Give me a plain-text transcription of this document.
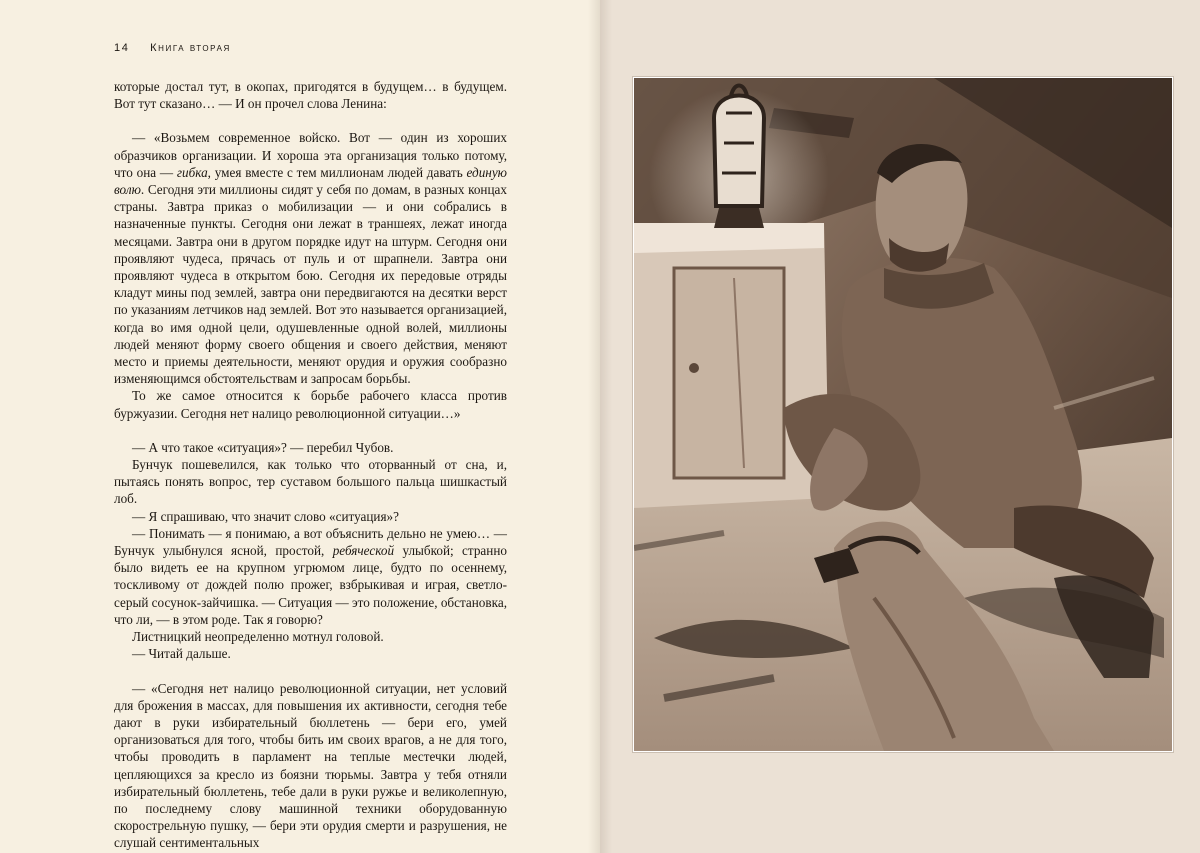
14 Книга вторая

которые достал тут, в окопах, пригодятся в будущем… в будущем. Вот тут сказано… — И он прочел слова Ленина:

— «Возьмем современное войско. Вот — один из хороших образчиков организации. И хороша эта организация только потому, что она — гибка, умея вместе с тем миллионам людей давать единую волю. Сегодня эти миллионы сидят у себя по домам, в разных концах страны. Завтра приказ о мобилизации — и они собрались в назначенные пункты. Сегодня они лежат в траншеях, лежат иногда месяцами. Завтра они в другом порядке идут на штурм. Сегодня они проявляют чудеса, прячась от пуль и от шрапнели. Завтра они проявляют чудеса в открытом бою. Сегодня их передовые отряды кладут мины под землей, завтра они передвигаются на десятки верст по указаниям летчиков над землей. Вот это называется организацией, когда во имя одной цели, одушевленные одной волей, миллионы людей меняют форму своего общения и своего действия, меняют место и приемы деятельности, меняют орудия и оружия сообразно изменяющимся обстоятельствам и запросам борьбы.

То же самое относится к борьбе рабочего класса против буржуазии. Сегодня нет налицо революционной ситуации…»

— А что такое «ситуация»? — перебил Чубов.

Бунчук пошевелился, как только что оторванный от сна, и, пытаясь понять вопрос, тер суставом большого пальца шишкастый лоб.

— Я спрашиваю, что значит слово «ситуация»?

— Понимать — я понимаю, а вот объяснить дельно не умею… —

Бунчук улыбнулся ясной, простой, ребяческой улыбкой; странно было видеть ее на крупном угрюмом лице, будто по осеннему, тоскливому от дождей полю прожег, взбрыкивая и играя, светло-серый сосунок-зайчишка. — Ситуация — это положение, обстановка, что ли, — в этом роде. Так я говорю?

Листницкий неопределенно мотнул головой.

— Читай дальше.

— «Сегодня нет налицо революционной ситуации, нет условий для брожения в массах, для повышения их активности, сегодня тебе дают в руки избирательный бюллетень — бери его, умей организоваться для того, чтобы бить им своих врагов, а не для того, чтобы проводить в парламент на теплые местечки людей, цепляющихся за кресло из боязни тюрьмы. Завтра у тебя отняли избирательный бюллетень, тебе дали в руки ружье и великолепную, по последнему слову машинной техники оборудованную скорострельную пушку, — бери эти орудия смерти и разрушения, не слушай сентиментальных
